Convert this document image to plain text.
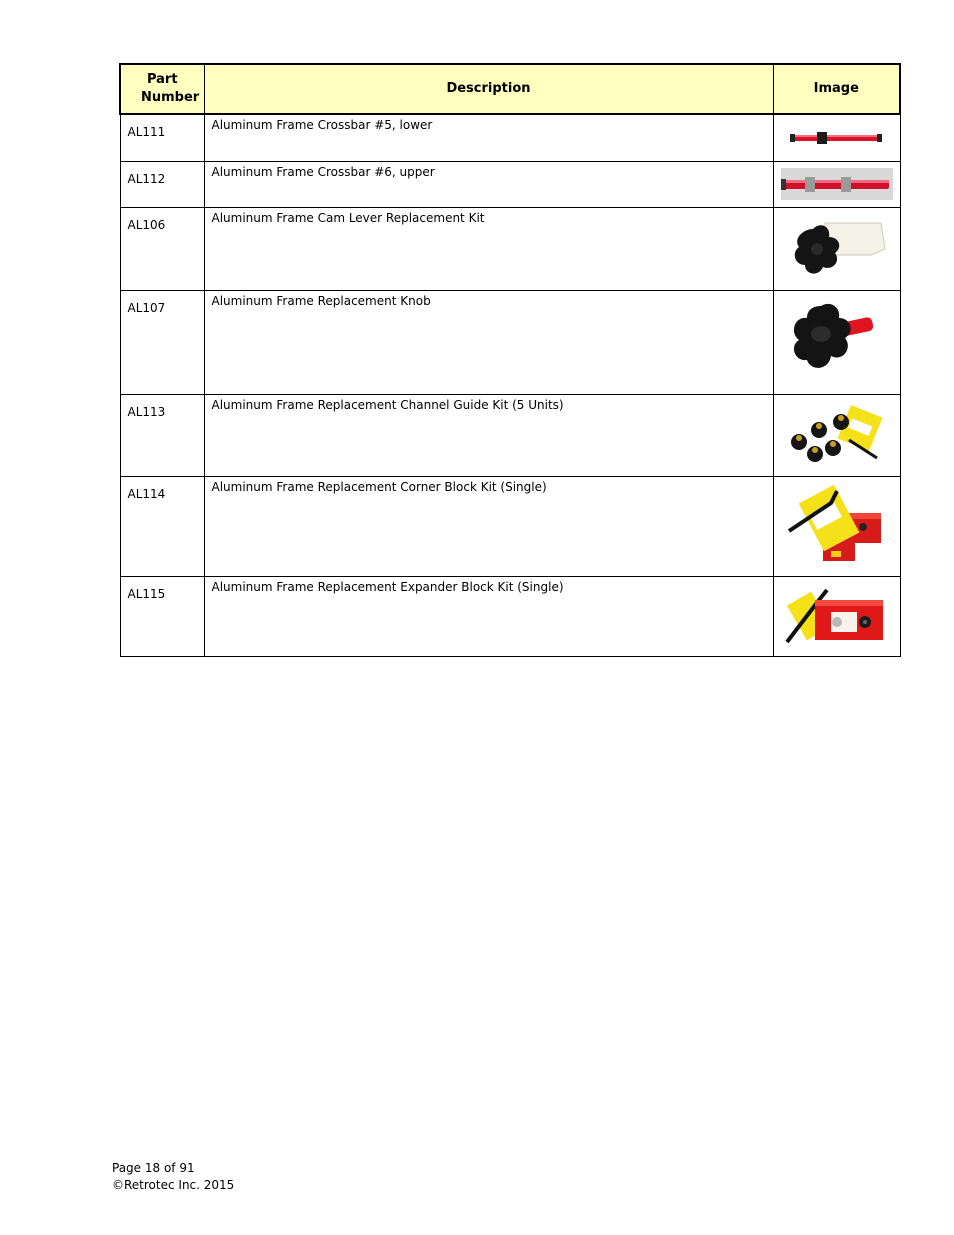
Part Number	Description	Image
AL111	Aluminum Frame Crossbar #5, lower	

AL112	Aluminum Frame Crossbar #6, upper	

AL106	Aluminum Frame Cam Lever Replacement Kit	

AL107	Aluminum Frame Replacement Knob	

AL113	Aluminum Frame Replacement Channel Guide Kit (5 Units)	

AL114	Aluminum Frame Replacement Corner Block Kit (Single)	

AL115	Aluminum Frame Replacement Expander Block Kit (Single)	
Page 18 of 91
©Retrotec Inc. 2015
